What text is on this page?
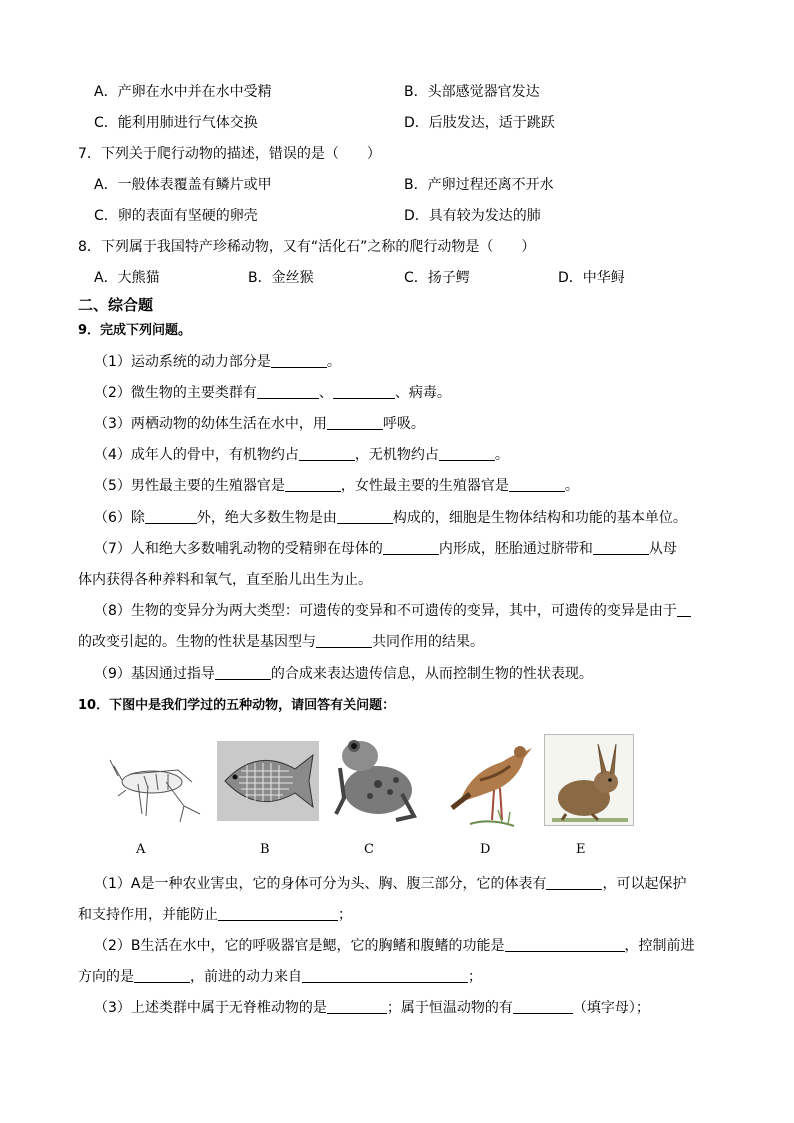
A．产卵在水中并在水中受精	B．头部感觉器官发达
C．能利用肺进行气体交换	D．后肢发达，适于跳跃
7．下列关于爬行动物的描述，错误的是（　　）
A．一般体表覆盖有鳞片或甲	B．产卵过程还离不开水
C．卵的表面有坚硬的卵壳	D．具有较为发达的肺
8．下列属于我国特产珍稀动物，又有“活化石”之称的爬行动物是（　　）
A．大熊猫	B．金丝猴	C．扬子鳄	D．中华鲟
二、综合题
9．完成下列问题。
（1）运动系统的动力部分是	。
（2）微生物的主要类群有	、	、病毒。
（3）两栖动物的幼体生活在水中，用	呼吸。
（4）成年人的骨中，有机物约占	，无机物约占	。
（5）男性最主要的生殖器官是	，女性最主要的生殖器官是	。
（6）除	外，绝大多数生物是由	构成的，细胞是生物体结构和功能的基本单位。
（7）人和绝大多数哺乳动物的受精卵在母体的	内形成，胚胎通过脐带和	从母
体内获得各种养料和氧气，直至胎儿出生为止。
（8）生物的变异分为两大类型：可遗传的变异和不可遗传的变异，其中，可遗传的变异是由于
的改变引起的。生物的性状是基因型与	共同作用的结果。
（9）基因通过指导	的合成来表达遗传信息，从而控制生物的性状表现。
10．下图中是我们学过的五种动物，请回答有关问题：
A	B	C	D	E
（1）A是一种农业害虫，它的身体可分为头、胸、腹三部分，它的体表有	，可以起保护
和支持作用，并能防止	；
（2）B生活在水中，它的呼吸器官是鳃，它的胸鳍和腹鳍的功能是	，控制前进
方向的是	，前进的动力来自	；
（3）上述类群中属于无脊椎动物的是	；属于恒温动物的有	（填字母）；
